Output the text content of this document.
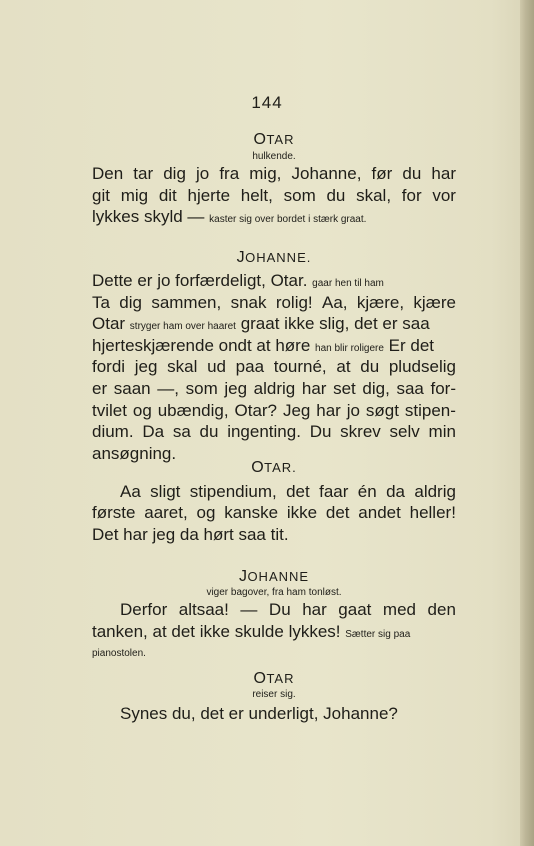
144
OTAR
hulkende.
Den tar dig jo fra mig, Johanne, før du har
git mig dit hjerte helt, som du skal, for vor
lykkes skyld — kaster sig over bordet i stærk graat.
JOHANNE.
Dette er jo forfærdeligt, Otar. gaar hen til ham
Ta dig sammen, snak rolig! Aa, kjære, kjære
Otar stryger ham over haaret graat ikke slig, det er saa
hjerteskjærende ondt at høre han blir roligere Er det
fordi jeg skal ud paa tourné, at du pludselig
er saan —, som jeg aldrig har set dig, saa for-
tvilet og ubændig, Otar? Jeg har jo søgt stipen-
dium. Da sa du ingenting. Du skrev selv min
ansøgning.
OTAR.
Aa sligt stipendium, det faar én da aldrig
første aaret, og kanske ikke det andet heller!
Det har jeg da hørt saa tit.
JOHANNE
viger bagover, fra ham tonløst.
Derfor altsaa! — Du har gaat med den
tanken, at det ikke skulde lykkes! Sætter sig paa
pianostolen.
OTAR
reiser sig.
Synes du, det er underligt, Johanne?
